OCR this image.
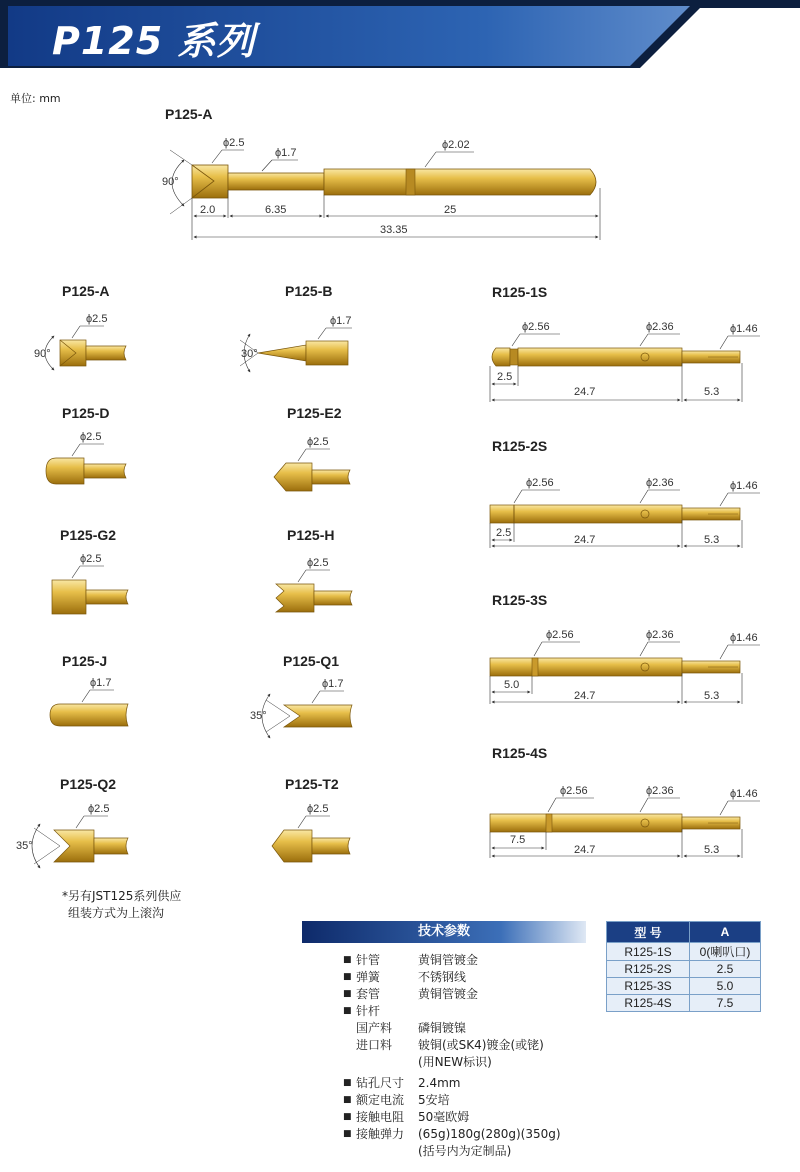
P125 系列
单位: mm
P125-A
90°
ϕ2.5
ϕ1.7
ϕ2.02
2.0	6.35	25
33.35
P125-A
ϕ2.5
90°
P125-B
ϕ1.7
30°
P125-D
ϕ2.5
P125-E2
ϕ2.5
P125-G2
ϕ2.5
P125-H
ϕ2.5
P125-J
ϕ1.7
P125-Q1
ϕ1.7
35°
P125-Q2
ϕ2.5
35°
P125-T2
ϕ2.5
R125-1S
ϕ2.56	ϕ2.36	ϕ1.46
2.5
24.7	5.3
R125-2S
ϕ2.56	ϕ2.36	ϕ1.46
2.5
24.7	5.3
R125-3S
ϕ2.56	ϕ2.36	ϕ1.46
5.0
24.7	5.3
R125-4S
ϕ2.56	ϕ2.36	ϕ1.46
7.5
24.7	5.3
*另有JST125系列供应
组装方式为上滚沟
技术参数
■ 针管	黄铜管镀金
■ 弹簧	不锈钢线
■ 套管	黄铜管镀金
■ 针杆
国产料	磷铜镀镍
进口料	铍铜(或SK4)镀金(或铑)
(用NEW标识)
■ 钻孔尺寸	2.4mm
■ 额定电流	5安培
■ 接触电阻	50毫欧姆
■ 接触弹力	(65g)180g(280g)(350g)
(括号内为定制品)
型 号	A
R125-1S	0(喇叭口)
R125-2S	2.5
R125-3S	5.0
R125-4S	7.5
